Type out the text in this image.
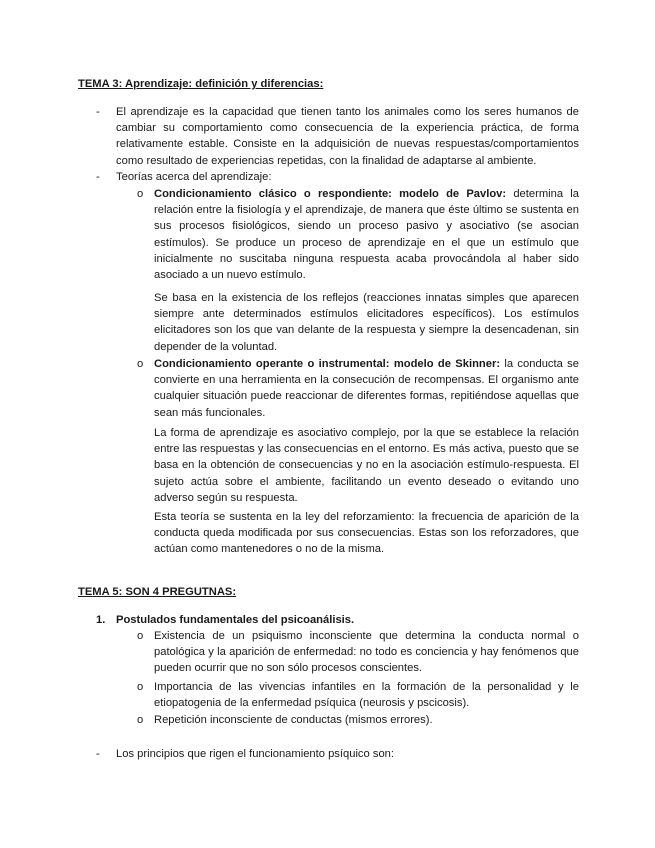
TEMA 3: Aprendizaje: definición y diferencias:

- El aprendizaje es la capacidad que tienen tanto los animales como los seres humanos de cambiar su comportamiento como consecuencia de la experiencia práctica, de forma relativamente estable. Consiste en la adquisición de nuevas respuestas/comportamientos como resultado de experiencias repetidas, con la finalidad de adaptarse al ambiente.

- Teorías acerca del aprendizaje:

o Condicionamiento clásico o respondiente: modelo de Pavlov: determina la relación entre la fisiología y el aprendizaje, de manera que éste último se sustenta en sus procesos fisiológicos, siendo un proceso pasivo y asociativo (se asocian estímulos). Se produce un proceso de aprendizaje en el que un estímulo que inicialmente no suscitaba ninguna respuesta acaba provocándola al haber sido asociado a un nuevo estímulo.

Se basa en la existencia de los reflejos (reacciones innatas simples que aparecen siempre ante determinados estímulos elicitadores específicos). Los estímulos elicitadores son los que van delante de la respuesta y siempre la desencadenan, sin depender de la voluntad.

o Condicionamiento operante o instrumental: modelo de Skinner: la conducta se convierte en una herramienta en la consecución de recompensas. El organismo ante cualquier situación puede reaccionar de diferentes formas, repitiéndose aquellas que sean más funcionales.

La forma de aprendizaje es asociativo complejo, por la que se establece la relación entre las respuestas y las consecuencias en el entorno. Es más activa, puesto que se basa en la obtención de consecuencias y no en la asociación estímulo-respuesta. El sujeto actúa sobre el ambiente, facilitando un evento deseado o evitando uno adverso según su respuesta.

Esta teoría se sustenta en la ley del reforzamiento: la frecuencia de aparición de la conducta queda modificada por sus consecuencias. Estas son los reforzadores, que actúan como mantenedores o no de la misma.

TEMA 5: SON 4 PREGUTNAS:

1. Postulados fundamentales del psicoanálisis.

o Existencia de un psiquismo inconsciente que determina la conducta normal o patológica y la aparición de enfermedad: no todo es conciencia y hay fenómenos que pueden ocurrir que no son sólo procesos conscientes.

o Importancia de las vivencias infantiles en la formación de la personalidad y le etiopatogenia de la enfermedad psíquica (neurosis y pscicosis).

o Repetición inconsciente de conductas (mismos errores).

- Los principios que rigen el funcionamiento psíquico son:
